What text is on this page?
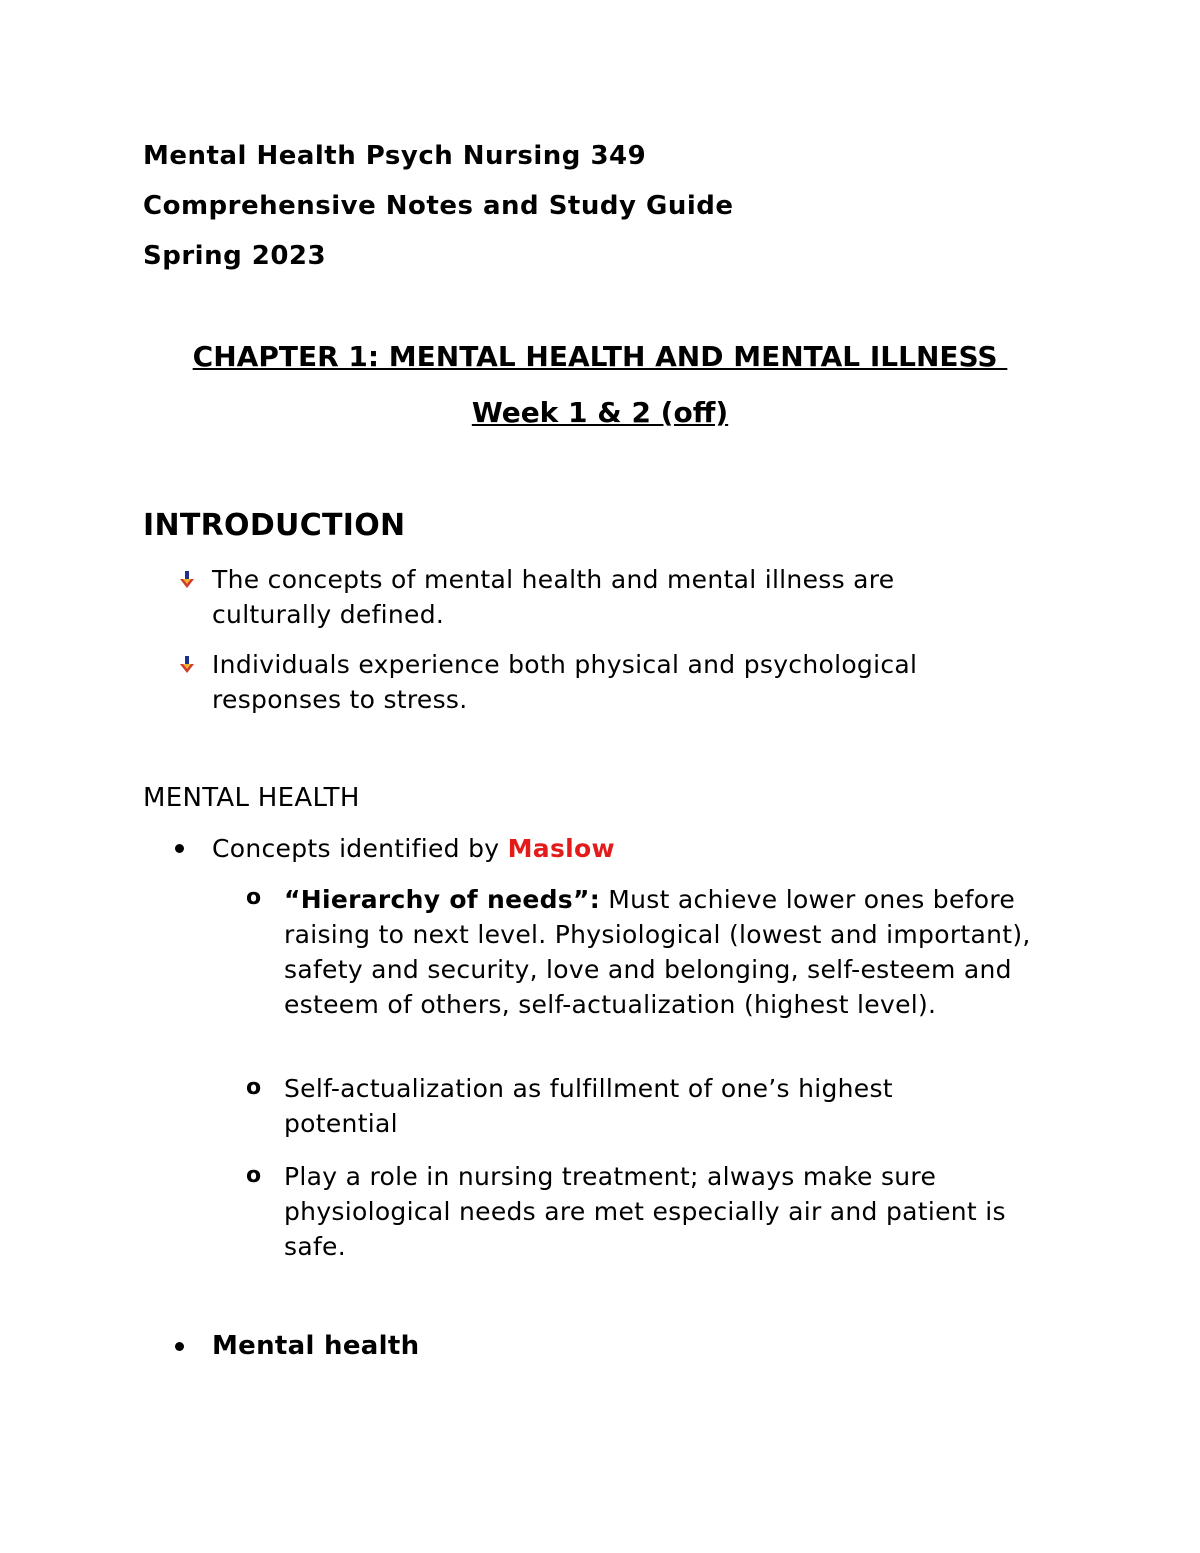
Mental Health Psych Nursing 349
Comprehensive Notes and Study Guide
Spring 2023
CHAPTER 1: MENTAL HEALTH AND MENTAL ILLNESS
Week 1 & 2 (off)
INTRODUCTION
The concepts of mental health and mental illness are culturally defined.
Individuals experience both physical and psychological responses to stress.
MENTAL HEALTH
Concepts identified by Maslow
o “Hierarchy of needs”: Must achieve lower ones before raising to next level. Physiological (lowest and important), safety and security, love and belonging, self-esteem and esteem of others, self-actualization (highest level).
o Self-actualization as fulfillment of one’s highest potential
o Play a role in nursing treatment; always make sure physiological needs are met especially air and patient is safe.
Mental health
